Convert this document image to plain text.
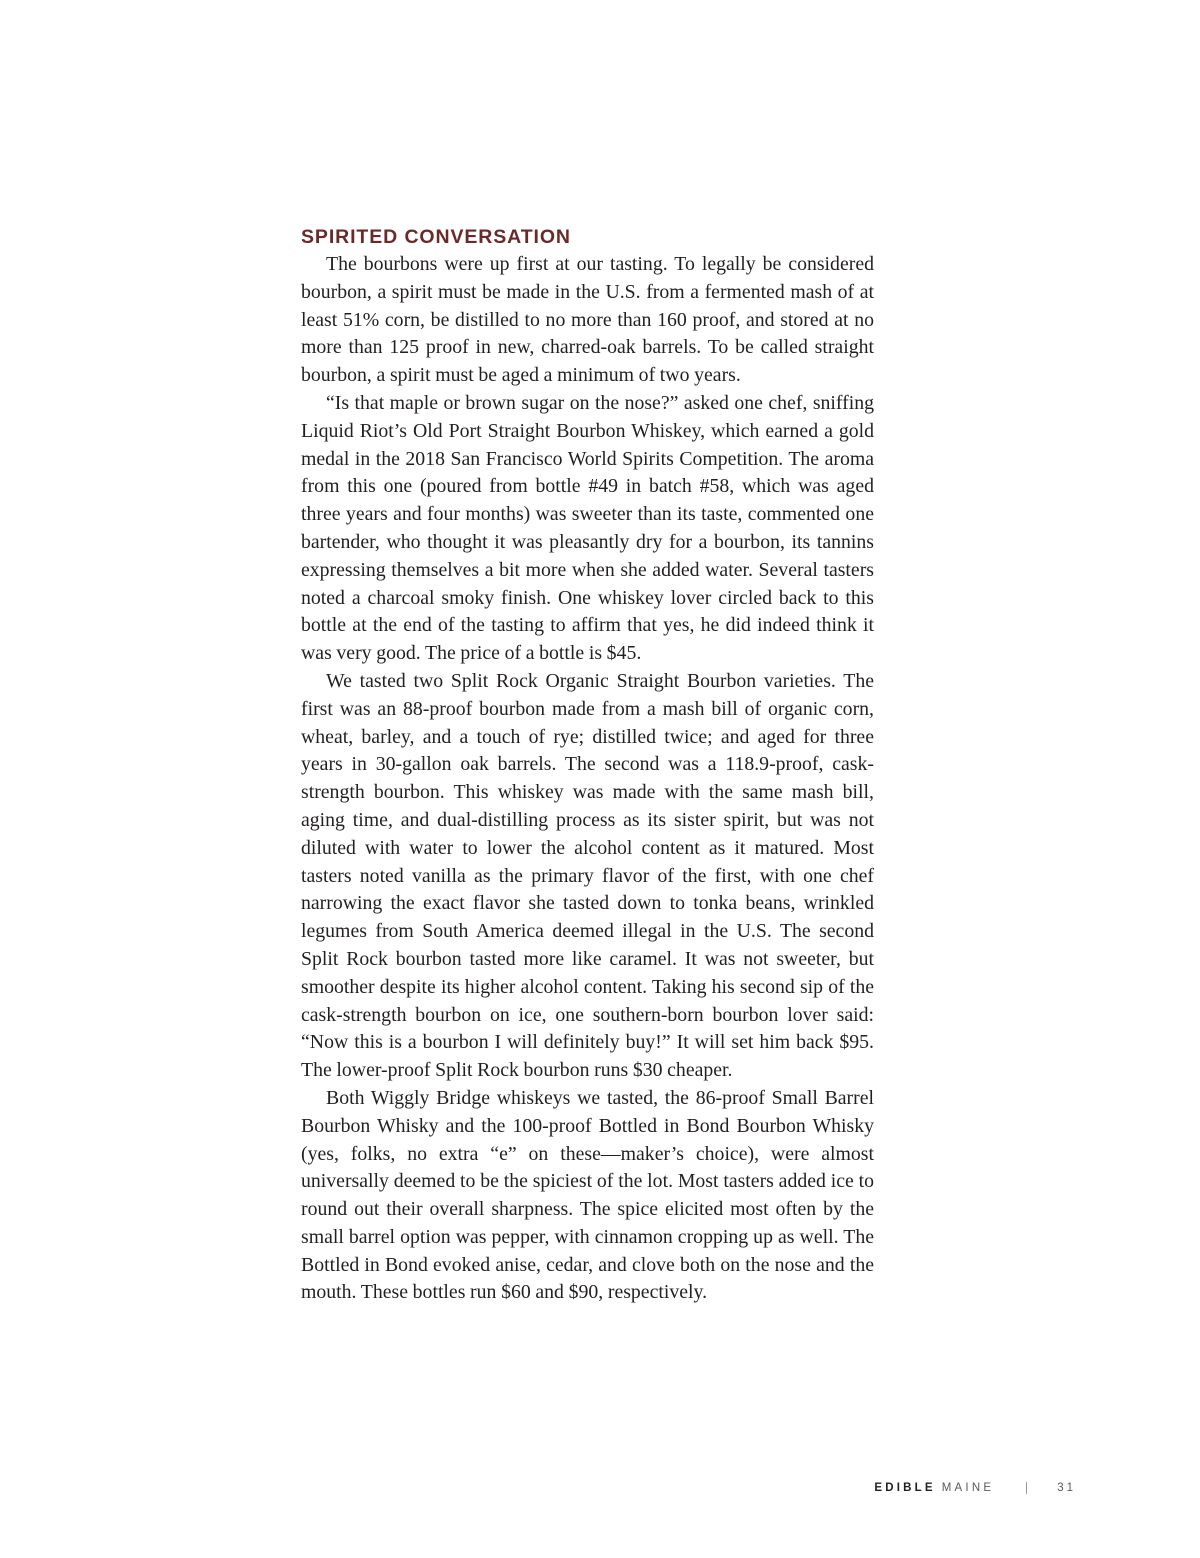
SPIRITED CONVERSATION

The bourbons were up first at our tasting. To legally be considered bourbon, a spirit must be made in the U.S. from a fermented mash of at least 51% corn, be distilled to no more than 160 proof, and stored at no more than 125 proof in new, charred-oak barrels. To be called straight bourbon, a spirit must be aged a minimum of two years.

“Is that maple or brown sugar on the nose?” asked one chef, sniffing Liquid Riot’s Old Port Straight Bourbon Whiskey, which earned a gold medal in the 2018 San Francisco World Spirits Competition. The aroma from this one (poured from bottle #49 in batch #58, which was aged three years and four months) was sweeter than its taste, commented one bartender, who thought it was pleasantly dry for a bourbon, its tannins expressing themselves a bit more when she added water. Several tasters noted a charcoal smoky finish. One whiskey lover circled back to this bottle at the end of the tasting to affirm that yes, he did indeed think it was very good. The price of a bottle is $45.

We tasted two Split Rock Organic Straight Bourbon varieties. The first was an 88-proof bourbon made from a mash bill of organic corn, wheat, barley, and a touch of rye; distilled twice; and aged for three years in 30-gallon oak barrels. The second was a 118.9-proof, cask-strength bourbon. This whiskey was made with the same mash bill, aging time, and dual-distilling process as its sister spirit, but was not diluted with water to lower the alcohol content as it matured. Most tasters noted vanilla as the primary flavor of the first, with one chef narrowing the exact flavor she tasted down to tonka beans, wrinkled legumes from South America deemed illegal in the U.S. The second Split Rock bourbon tasted more like caramel. It was not sweeter, but smoother despite its higher alcohol content. Taking his second sip of the cask-strength bourbon on ice, one southern-born bourbon lover said: “Now this is a bourbon I will definitely buy!” It will set him back $95. The lower-proof Split Rock bourbon runs $30 cheaper.

Both Wiggly Bridge whiskeys we tasted, the 86-proof Small Barrel Bourbon Whisky and the 100-proof Bottled in Bond Bourbon Whisky (yes, folks, no extra “e” on these—maker’s choice), were almost universally deemed to be the spiciest of the lot. Most tasters added ice to round out their overall sharpness. The spice elicited most often by the small barrel option was pepper, with cinnamon cropping up as well. The Bottled in Bond evoked anise, cedar, and clove both on the nose and the mouth. These bottles run $60 and $90, respectively.

EDIBLE MAINE	31
